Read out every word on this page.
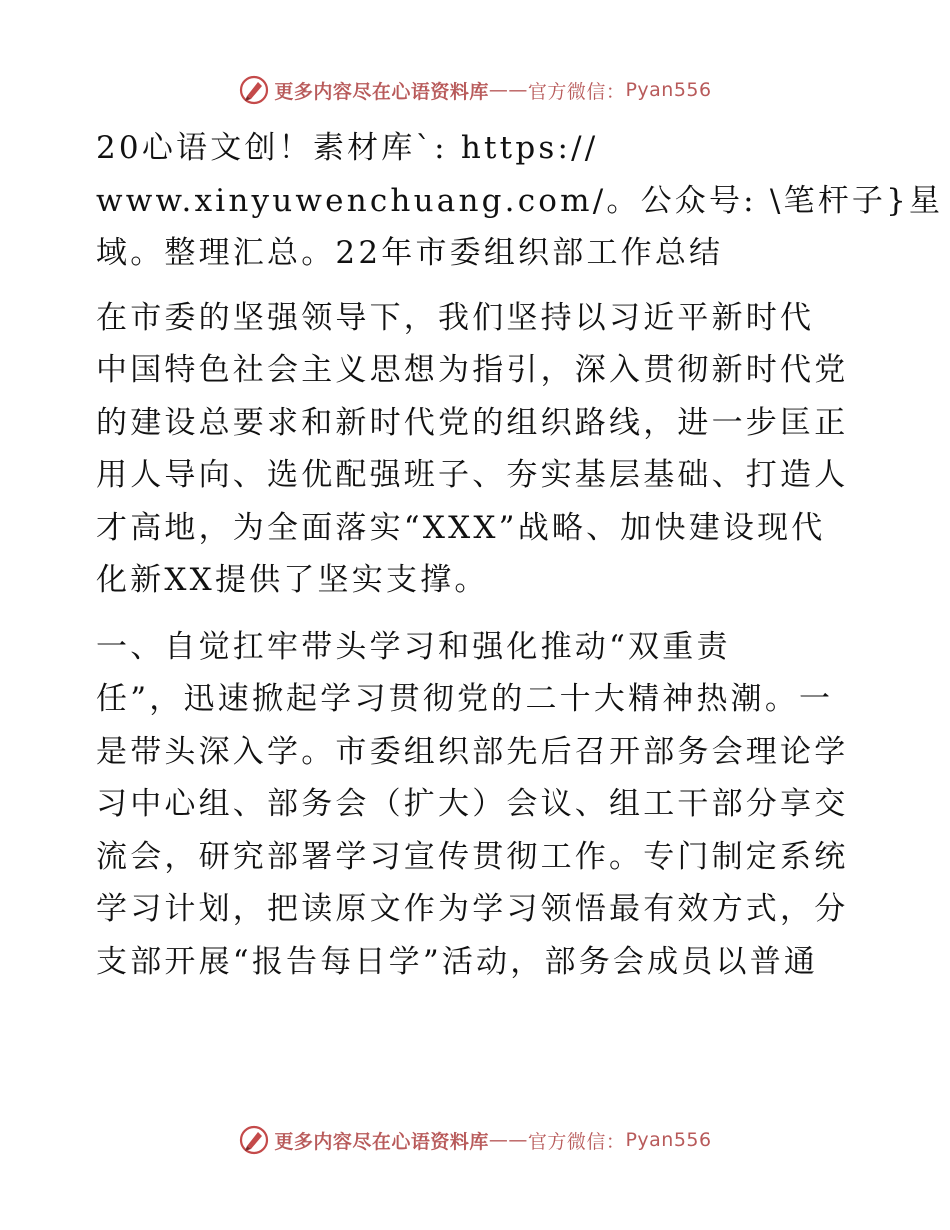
更多内容尽在心语资料库 —— 官方微信： Pyan556

20心语文创！素材库`: https://
www.xinyuwenchuang.com/。公众号: \笔杆子}星
域。整理汇总。22年市委组织部工作总结

在市委的坚强领导下，我们坚持以习近平新时代
中国特色社会主义思想为指引，深入贯彻新时代党
的建设总要求和新时代党的组织路线，进一步匡正
用人导向、选优配强班子、夯实基层基础、打造人
才高地，为全面落实“XXX”战略、加快建设现代
化新XX提供了坚实支撑。

一、自觉扛牢带头学习和强化推动“双重责
任”，迅速掀起学习贯彻党的二十大精神热潮。一
是带头深入学。市委组织部先后召开部务会理论学
习中心组、部务会（扩大）会议、组工干部分享交
流会，研究部署学习宣传贯彻工作。专门制定系统
学习计划，把读原文作为学习领悟最有效方式，分
支部开展“报告每日学”活动，部务会成员以普通

更多内容尽在心语资料库 —— 官方微信： Pyan556
